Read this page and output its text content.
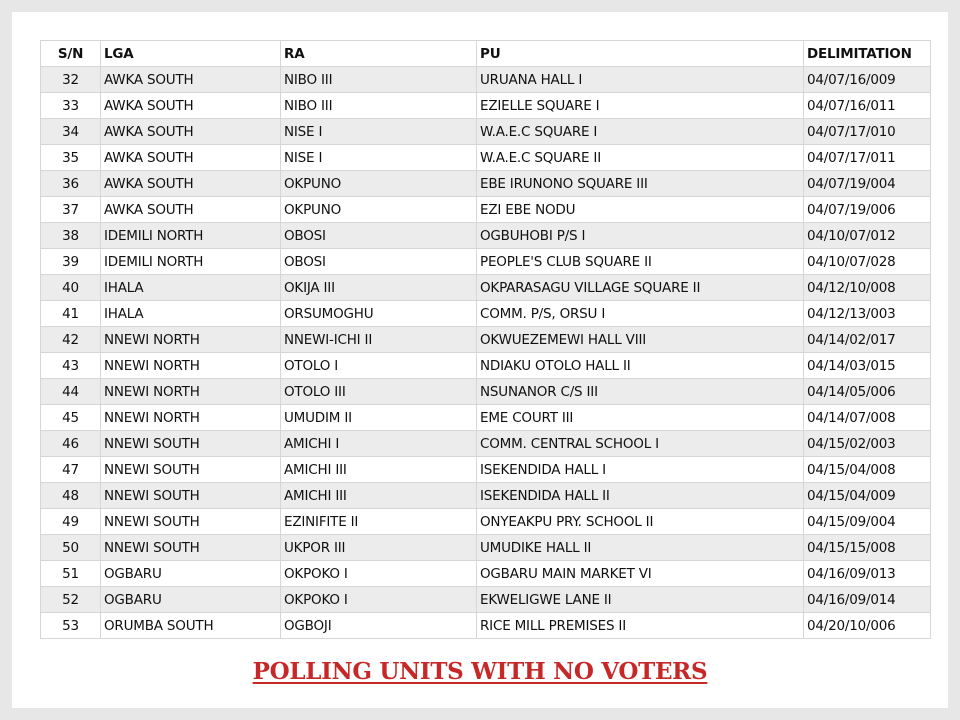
S/N	LGA	RA	PU	DELIMITATION
32	AWKA SOUTH	NIBO III	URUANA HALL I	04/07/16/009
33	AWKA SOUTH	NIBO III	EZIELLE SQUARE I	04/07/16/011
34	AWKA SOUTH	NISE I	W.A.E.C SQUARE I	04/07/17/010
35	AWKA SOUTH	NISE I	W.A.E.C SQUARE II	04/07/17/011
36	AWKA SOUTH	OKPUNO	EBE IRUNONO SQUARE III	04/07/19/004
37	AWKA SOUTH	OKPUNO	EZI EBE NODU	04/07/19/006
38	IDEMILI NORTH	OBOSI	OGBUHOBI P/S I	04/10/07/012
39	IDEMILI NORTH	OBOSI	PEOPLE'S CLUB SQUARE II	04/10/07/028
40	IHALA	OKIJA III	OKPARASAGU VILLAGE SQUARE II	04/12/10/008
41	IHALA	ORSUMOGHU	COMM. P/S, ORSU I	04/12/13/003
42	NNEWI NORTH	NNEWI-ICHI II	OKWUEZEMEWI HALL VIII	04/14/02/017
43	NNEWI NORTH	OTOLO I	NDIAKU OTOLO HALL II	04/14/03/015
44	NNEWI NORTH	OTOLO III	NSUNANOR C/S III	04/14/05/006
45	NNEWI NORTH	UMUDIM II	EME COURT III	04/14/07/008
46	NNEWI SOUTH	AMICHI I	COMM. CENTRAL SCHOOL I	04/15/02/003
47	NNEWI SOUTH	AMICHI III	ISEKENDIDA HALL I	04/15/04/008
48	NNEWI SOUTH	AMICHI III	ISEKENDIDA HALL II	04/15/04/009
49	NNEWI SOUTH	EZINIFITE II	ONYEAKPU PRY. SCHOOL II	04/15/09/004
50	NNEWI SOUTH	UKPOR III	UMUDIKE HALL II	04/15/15/008
51	OGBARU	OKPOKO I	OGBARU MAIN MARKET VI	04/16/09/013
52	OGBARU	OKPOKO I	EKWELIGWE LANE II	04/16/09/014
53	ORUMBA SOUTH	OGBOJI	RICE MILL PREMISES II	04/20/10/006
POLLING UNITS WITH NO VOTERS
